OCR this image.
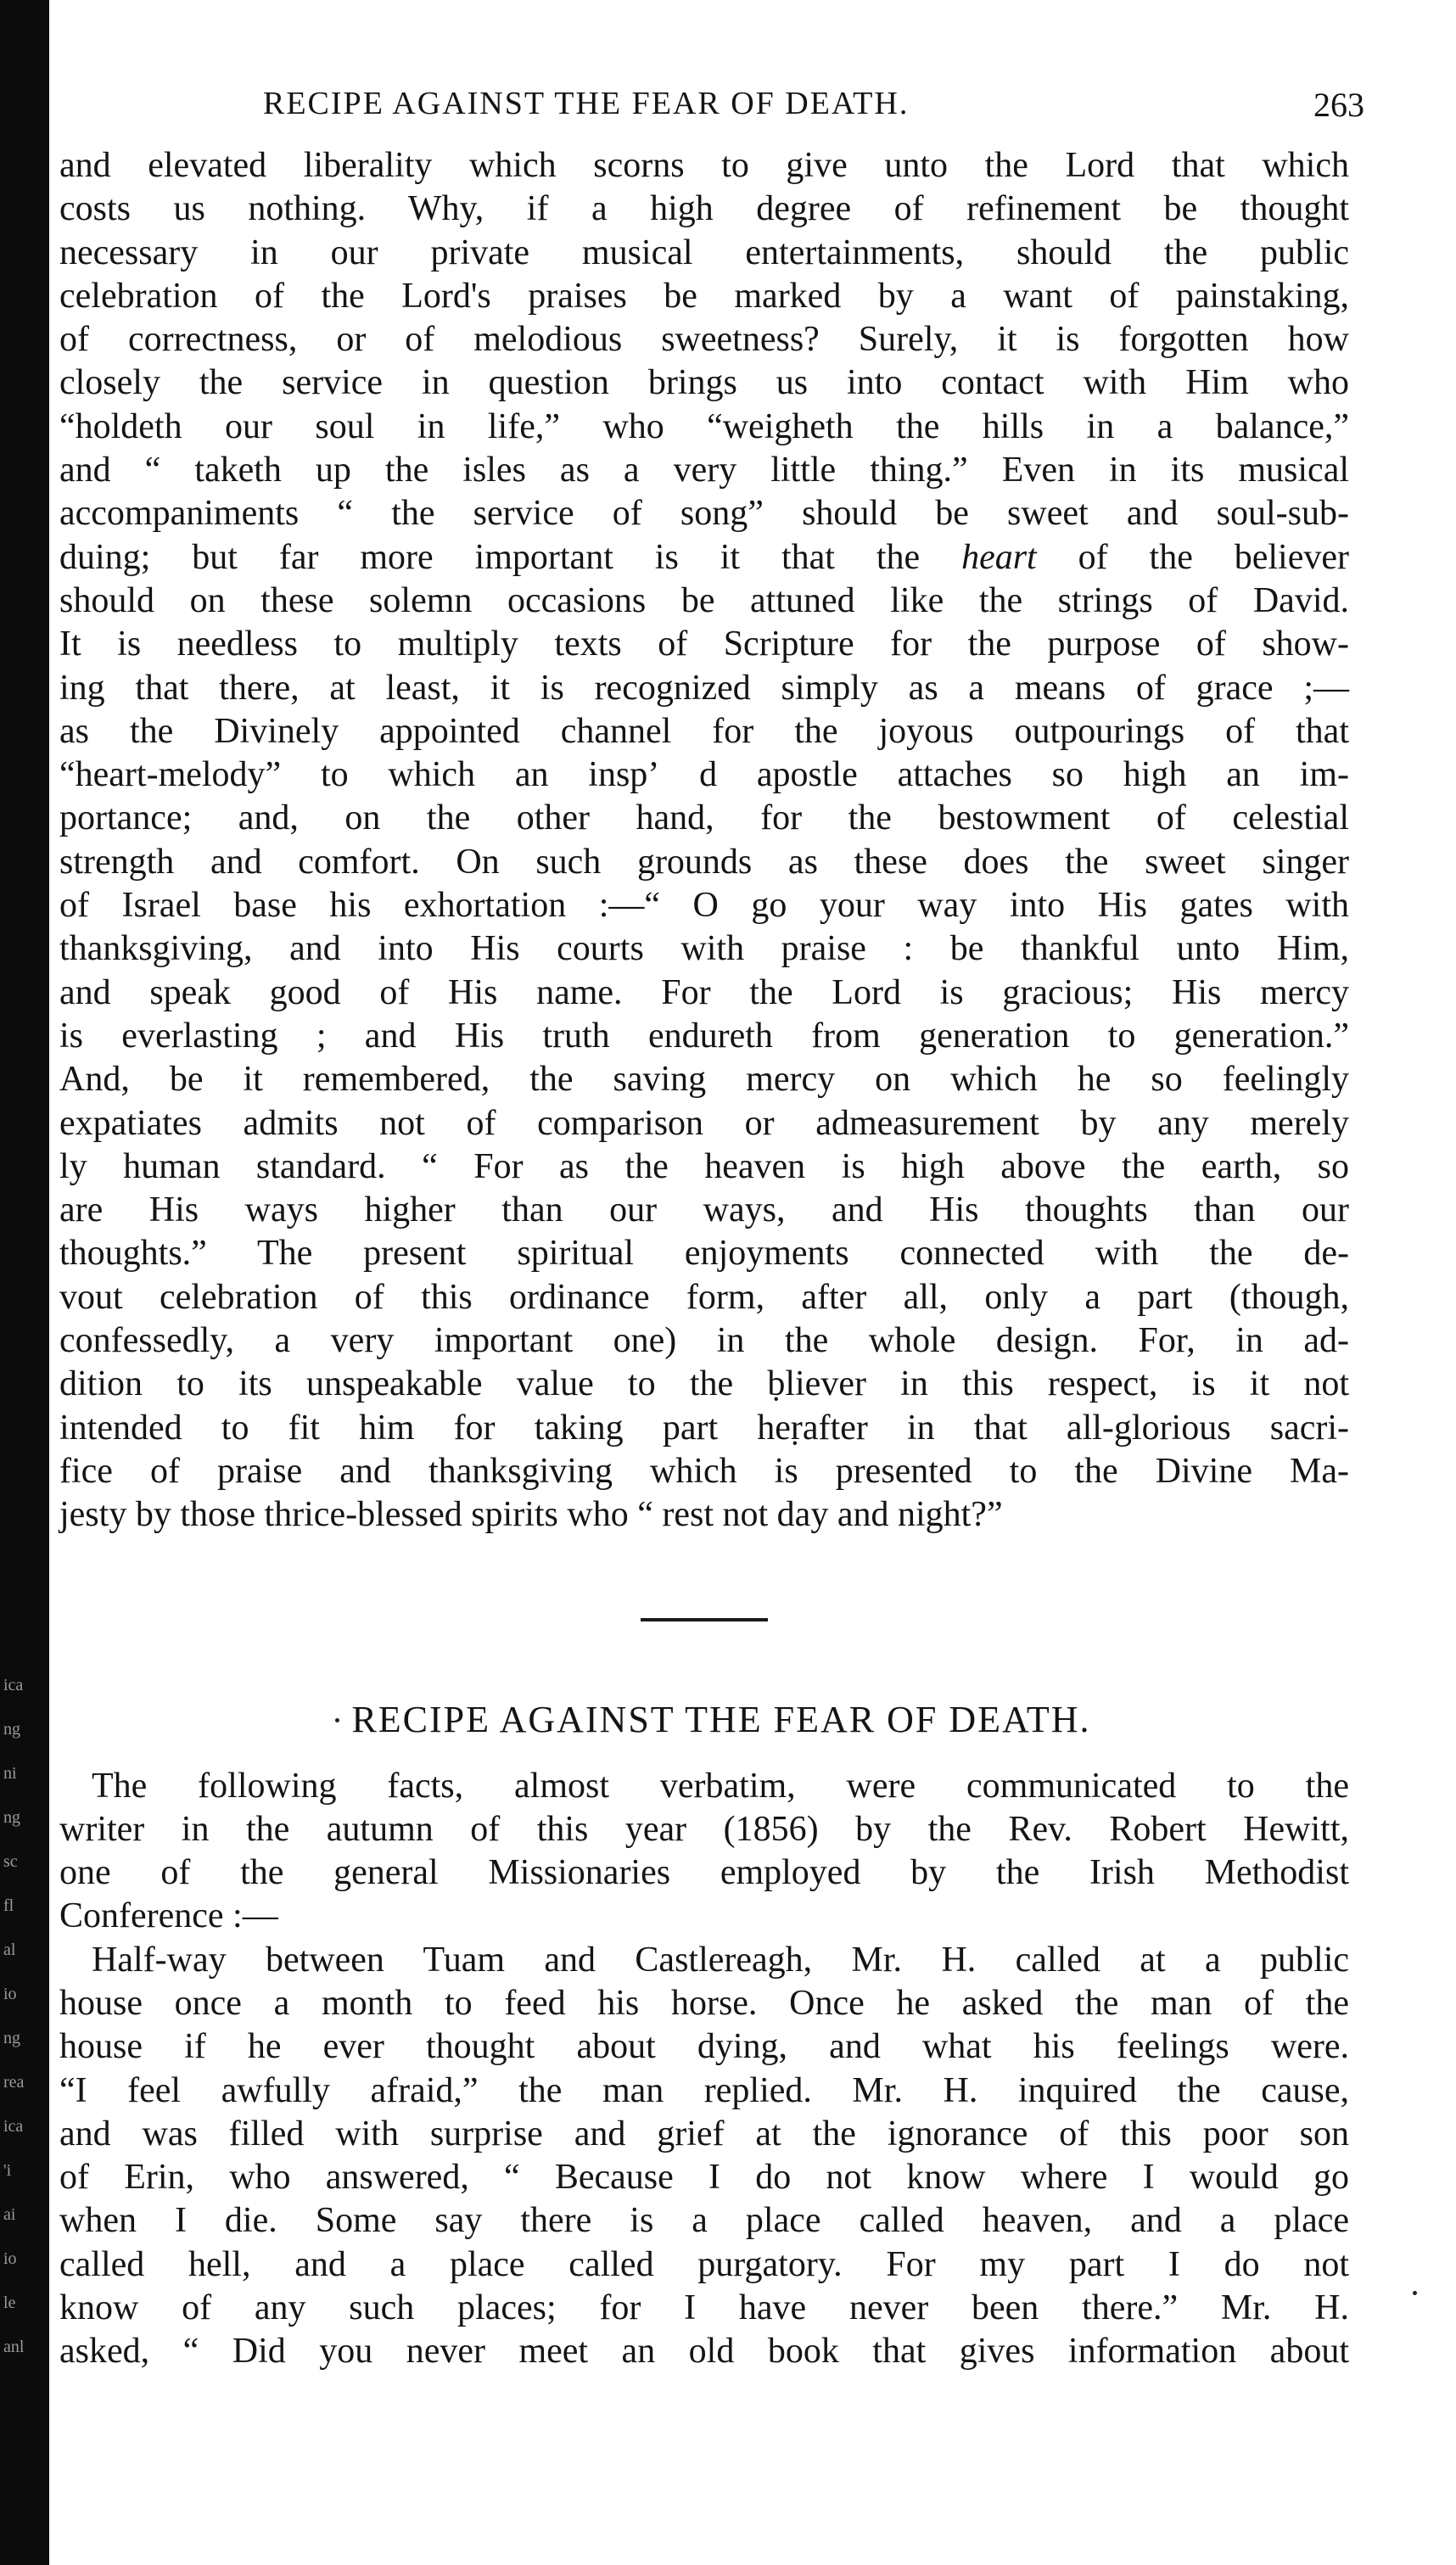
ica
ng
ni
ng
sc
fl
al
io
ng
rea
ica
'i
ai
io
le
anl
RECIPE AGAINST THE FEAR OF DEATH.	263
and elevated liberality which scorns to give unto the Lord that which
costs us nothing. Why, if a high degree of refinement be thought
necessary in our private musical entertainments, should the public
celebration of the Lord's praises be marked by a want of painstaking,
of correctness, or of melodious sweetness? Surely, it is forgotten how
closely the service in question brings us into contact with Him who
“holdeth our soul in life,” who “weigheth the hills in a balance,”
and “ taketh up the isles as a very little thing.” Even in its musical
accompaniments “ the service of song” should be sweet and soul-sub-
duing; but far more important is it that the heart of the believer
should on these solemn occasions be attuned like the strings of David.
It is needless to multiply texts of Scripture for the purpose of show-
ing that there, at least, it is recognized simply as a means of grace ;—
as the Divinely appointed channel for the joyous outpourings of that
“heart-melody” to which an inspʼ d apostle attaches so high an im-
portance; and, on the other hand, for the bestowment of celestial
strength and comfort. On such grounds as these does the sweet singer
of Israel base his exhortation :—“ O go your way into His gates with
thanksgiving, and into His courts with praise : be thankful unto Him,
and speak good of His name. For the Lord is gracious; His mercy
is everlasting ; and His truth endureth from generation to generation.”
And, be it remembered, the saving mercy on which he so feelingly
expatiates admits not of comparison or admeasurement by any merely
ly human standard. “ For as the heaven is high above the earth, so
are His ways higher than our ways, and His thoughts than our
thoughts.” The present spiritual enjoyments connected with the de-
vout celebration of this ordinance form, after all, only a part (though,
confessedly, a very important one) in the whole design. For, in ad-
dition to its unspeakable value to the ḅliever in this respect, is it not
intended to fit him for taking part heṛafter in that all-glorious sacri-
fice of praise and thanksgiving which is presented to the Divine Ma-
jesty by those thrice-blessed spirits who “ rest not day and night?”
RECIPE AGAINST THE FEAR OF DEATH.
The following facts, almost verbatim, were communicated to the
writer in the autumn of this year (1856) by the Rev. Robert Hewitt,
one of the general Missionaries employed by the Irish Methodist
Conference :—
Half-way between Tuam and Castlereagh, Mr. H. called at a public
house once a month to feed his horse. Once he asked the man of the
house if he ever thought about dying, and what his feelings were.
“I feel awfully afraid,” the man replied. Mr. H. inquired the cause,
and was filled with surprise and grief at the ignorance of this poor son
of Erin, who answered, “ Because I do not know where I would go
when I die. Some say there is a place called heaven, and a place
called hell, and a place called purgatory. For my part I do not
know of any such places; for I have never been there.” Mr. H.
asked, “ Did you never meet an old book that gives information about
